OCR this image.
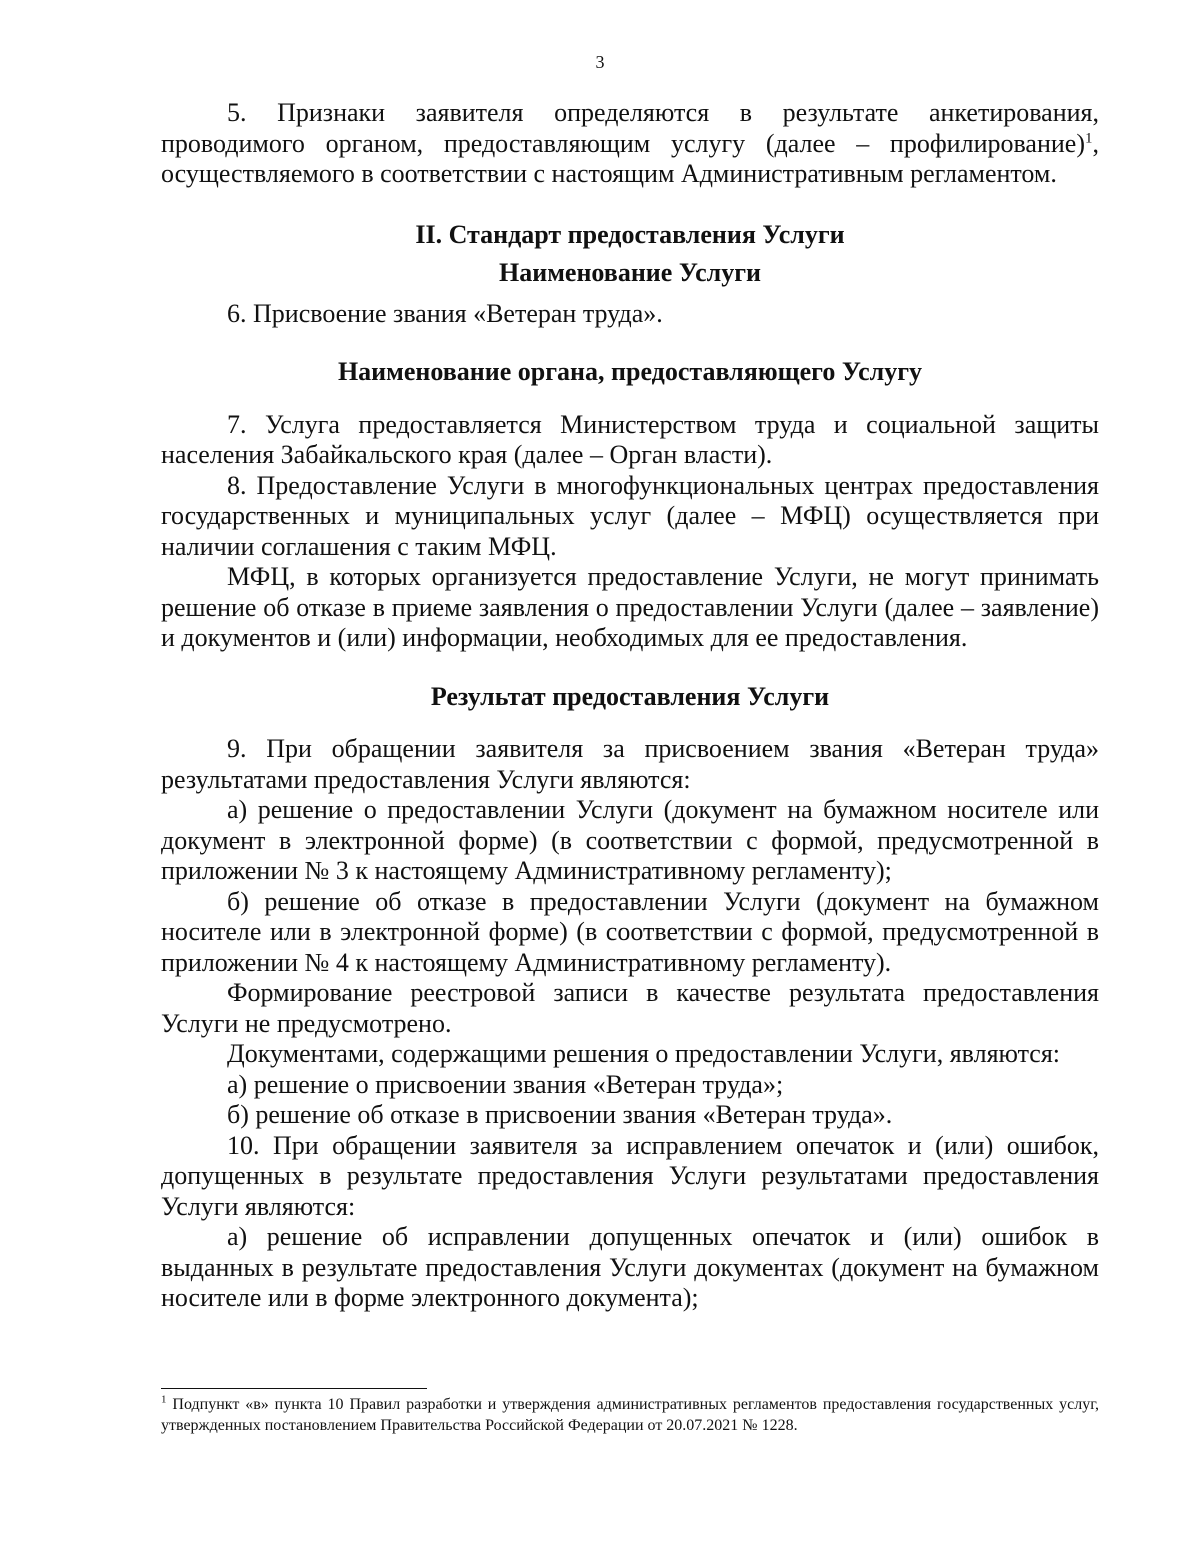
3

5. Признаки заявителя определяются в результате анкетирования, проводимого органом, предоставляющим услугу (далее – профилирование)$^1$, осуществляемого в соответствии с настоящим Административным регламентом.

II. Стандарт предоставления Услуги

Наименование Услуги

6. Присвоение звания «Ветеран труда».

Наименование органа, предоставляющего Услугу

7. Услуга предоставляется Министерством труда и социальной защиты населения Забайкальского края (далее – Орган власти).

8. Предоставление Услуги в многофункциональных центрах предоставления государственных и муниципальных услуг (далее – МФЦ) осуществляется при наличии соглашения с таким МФЦ.

МФЦ, в которых организуется предоставление Услуги, не могут принимать решение об отказе в приеме заявления о предоставлении Услуги (далее – заявление) и документов и (или) информации, необходимых для ее предоставления.

Результат предоставления Услуги

9. При обращении заявителя за присвоением звания «Ветеран труда» результатами предоставления Услуги являются:

а) решение о предоставлении Услуги (документ на бумажном носителе или документ в электронной форме) (в соответствии с формой, предусмотренной в приложении № 3 к настоящему Административному регламенту);

б) решение об отказе в предоставлении Услуги (документ на бумажном носителе или в электронной форме) (в соответствии с формой, предусмотренной в приложении № 4 к настоящему Административному регламенту).

Формирование реестровой записи в качестве результата предоставления Услуги не предусмотрено.

Документами, содержащими решения о предоставлении Услуги, являются:

а) решение о присвоении звания «Ветеран труда»;

б) решение об отказе в присвоении звания «Ветеран труда».

10. При обращении заявителя за исправлением опечаток и (или) ошибок, допущенных в результате предоставления Услуги результатами предоставления Услуги являются:

а) решение об исправлении допущенных опечаток и (или) ошибок в выданных в результате предоставления Услуги документах (документ на бумажном носителе или в форме электронного документа);

$^1$ Подпункт «в» пункта 10 Правил разработки и утверждения административных регламентов предоставления государственных услуг, утвержденных постановлением Правительства Российской Федерации от 20.07.2021 № 1228.
